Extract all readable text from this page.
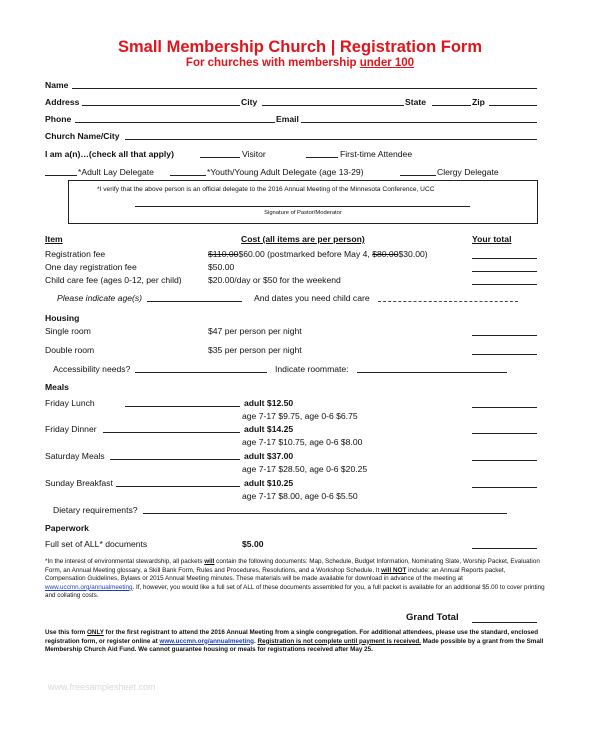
Small Membership Church | Registration Form
For churches with membership under 100
Name
Address	City	State	Zip
Phone	Email
Church Name/City
I am a(n)…(check all that apply)	Visitor	First-time Attendee
*Adult Lay Delegate	*Youth/Young Adult Delegate (age 13-29)	Clergy Delegate
*I verify that the above person is an official delegate to the 2016 Annual Meeting of the Minnesota Conference, UCC
Signature of Pastor/Moderator
Item	Cost (all items are per person)	Your total
Registration fee	$110.00$60.00 (postmarked before May 4, $80.00$30.00)
One day registration fee	$50.00
Child care fee (ages 0-12, per child)	$20.00/day or $50 for the weekend
Please indicate age(s)	And dates you need child care
Housing
Single room	$47 per person per night
Double room	$35 per person per night
Accessibility needs?	Indicate roommate:
Meals
Friday Lunch	adult $12.50
age 7-17 $9.75, age 0-6 $6.75
Friday Dinner	adult $14.25
age 7-17 $10.75, age 0-6 $8.00
Saturday Meals	adult $37.00
age 7-17 $28.50, age 0-6 $20.25
Sunday Breakfast	adult $10.25
age 7-17 $8.00, age 0-6 $5.50
Dietary requirements?
Paperwork
Full set of ALL* documents	$5.00
*In the interest of environmental stewardship, all packets will contain the following documents: Map, Schedule, Budget Information, Nominating Slate, Worship Packet, Evaluation Form, an Annual Meeting glossary, a Skill Bank Form, Rules and Procedures, Resolutions, and a Workshop Schedule. It will NOT include: an Annual Reports packet, Compensation Guidelines, Bylaws or 2015 Annual Meeting minutes. These materials will be made available for download in advance of the meeting at www.uccmn.org/annualmeeting. If, however, you would like a full set of ALL of these documents assembled for you, a full packet is available for an additional $5.00 to cover printing and collating costs.
Grand Total
Use this form ONLY for the first registrant to attend the 2016 Annual Meeting from a single congregation. For additional attendees, please use the standard, enclosed registration form, or register online at www.uccmn.org/annualmeeting. Registration is not complete until payment is received. Made possible by a grant from the Small Membership Church Aid Fund. We cannot guarantee housing or meals for registrations received after May 25.
www.freesamplesheet.com
